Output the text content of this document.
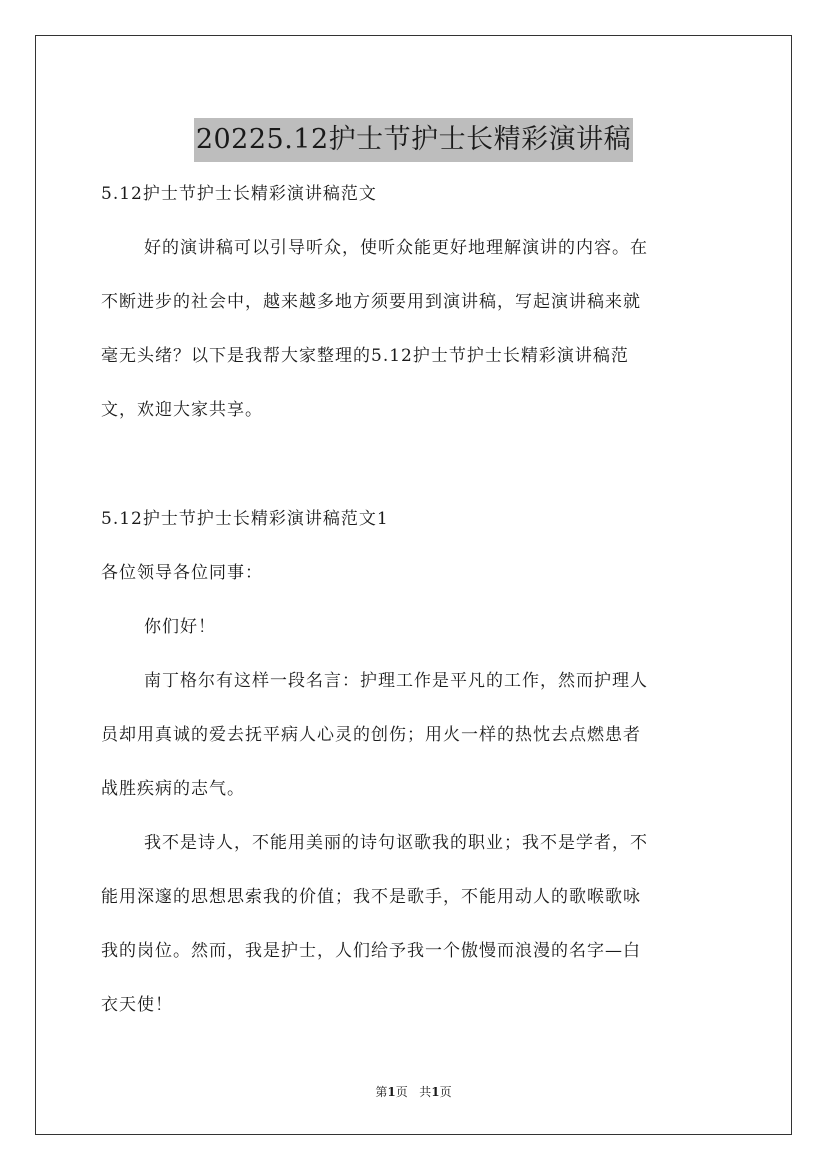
20225.12护士节护士长精彩演讲稿
5.12护士节护士长精彩演讲稿范文
好的演讲稿可以引导听众，使听众能更好地理解演讲的内容。在
不断进步的社会中，越来越多地方须要用到演讲稿，写起演讲稿来就
毫无头绪？以下是我帮大家整理的5.12护士节护士长精彩演讲稿范
文，欢迎大家共享。
5.12护士节护士长精彩演讲稿范文1
各位领导各位同事：
你们好！
南丁格尔有这样一段名言：护理工作是平凡的工作，然而护理人
员却用真诚的爱去抚平病人心灵的创伤；用火一样的热忱去点燃患者
战胜疾病的志气。
我不是诗人，不能用美丽的诗句讴歌我的职业；我不是学者，不
能用深邃的思想思索我的价值；我不是歌手，不能用动人的歌喉歌咏
我的岗位。然而，我是护士，人们给予我一个傲慢而浪漫的名字—白
衣天使！
第1页 共1页
